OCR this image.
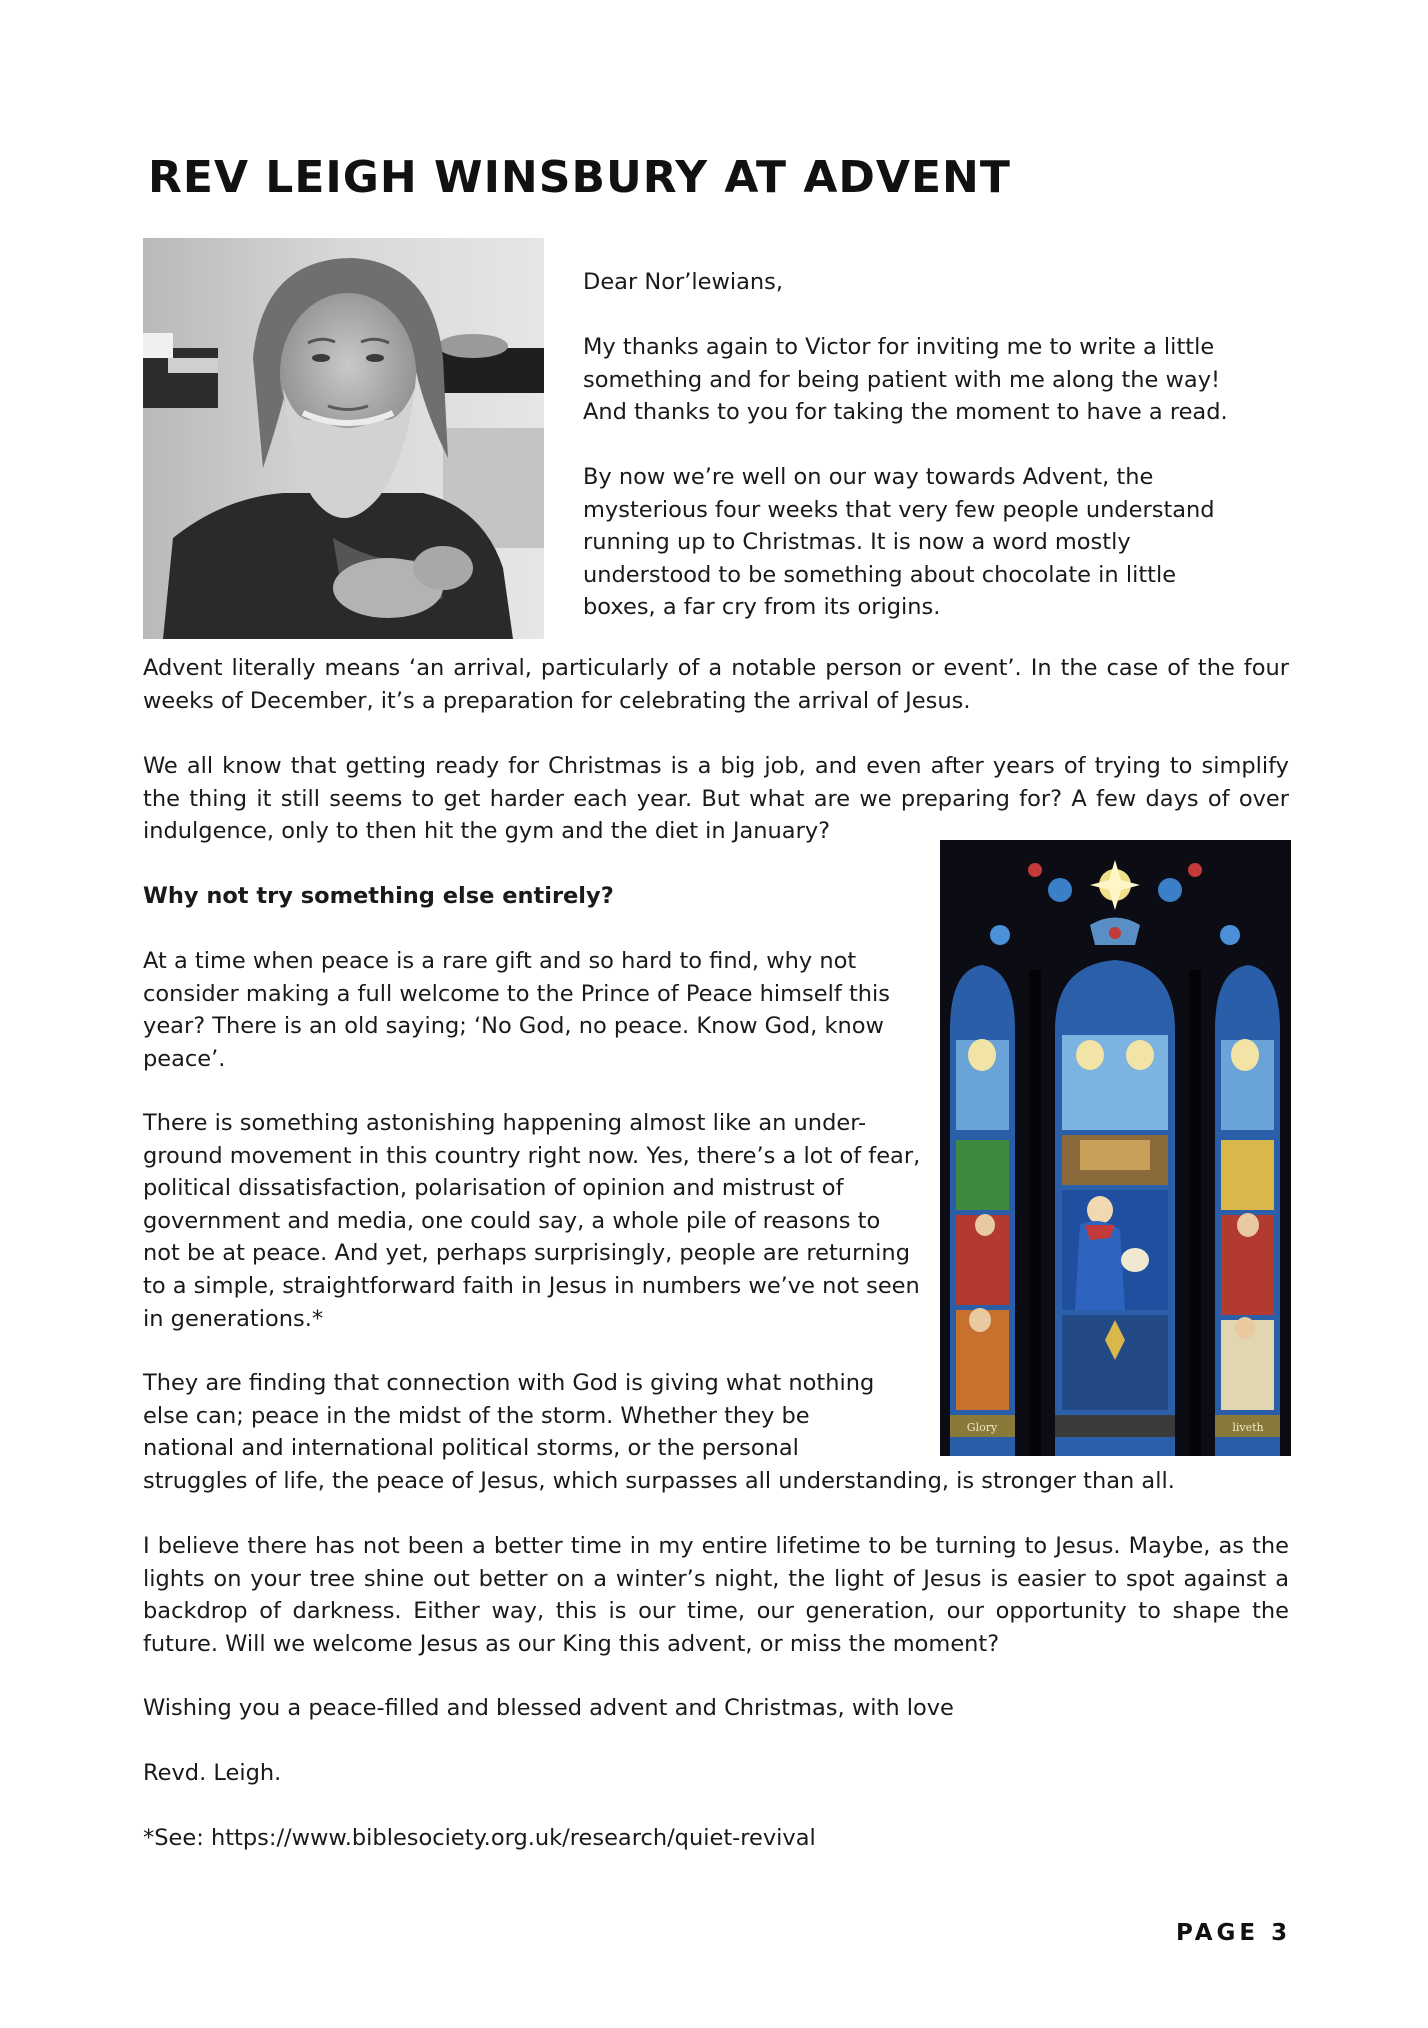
REV LEIGH WINSBURY AT ADVENT

Dear Nor’lewians,

My thanks again to Victor for inviting me to write a little something and for being patient with me along the way! And thanks to you for taking the moment to have a read.

By now we’re well on our way towards Advent, the mysterious four weeks that very few people understand running up to Christmas. It is now a word mostly understood to be something about chocolate in little boxes, a far cry from its origins.

Advent literally means ‘an arrival, particularly of a notable person or event’. In the case of the four weeks of December, it’s a preparation for celebrating the arrival of Jesus.

We all know that getting ready for Christmas is a big job, and even after years of trying to simplify the thing it still seems to get harder each year. But what are we preparing for? A few days of over indulgence, only to then hit the gym and the diet in January?

Why not try something else entirely?

At a time when peace is a rare gift and so hard to find, why not consider making a full welcome to the Prince of Peace himself this year? There is an old saying; ‘No God, no peace. Know God, know peace’.

There is something astonishing happening almost like an under-ground movement in this country right now. Yes, there’s a lot of fear, political dissatisfaction, polarisation of opinion and mistrust of government and media, one could say, a whole pile of reasons to not be at peace. And yet, perhaps surprisingly, people are returning to a simple, straightforward faith in Jesus in numbers we’ve not seen in generations.*

They are finding that connection with God is giving what nothing else can; peace in the midst of the storm. Whether they be national and international political storms, or the personal

struggles of life, the peace of Jesus, which surpasses all understanding, is stronger than all.

I believe there has not been a better time in my entire lifetime to be turning to Jesus. Maybe, as the lights on your tree shine out better on a winter’s night, the light of Jesus is easier to spot against a backdrop of darkness. Either way, this is our time, our generation, our opportunity to shape the future. Will we welcome Jesus as our King this advent, or miss the moment?

Wishing you a peace-filled and blessed advent and Christmas, with love

Revd. Leigh.

*See: https://www.biblesociety.org.uk/research/quiet-revival

Glory	liveth
PAGE 3
